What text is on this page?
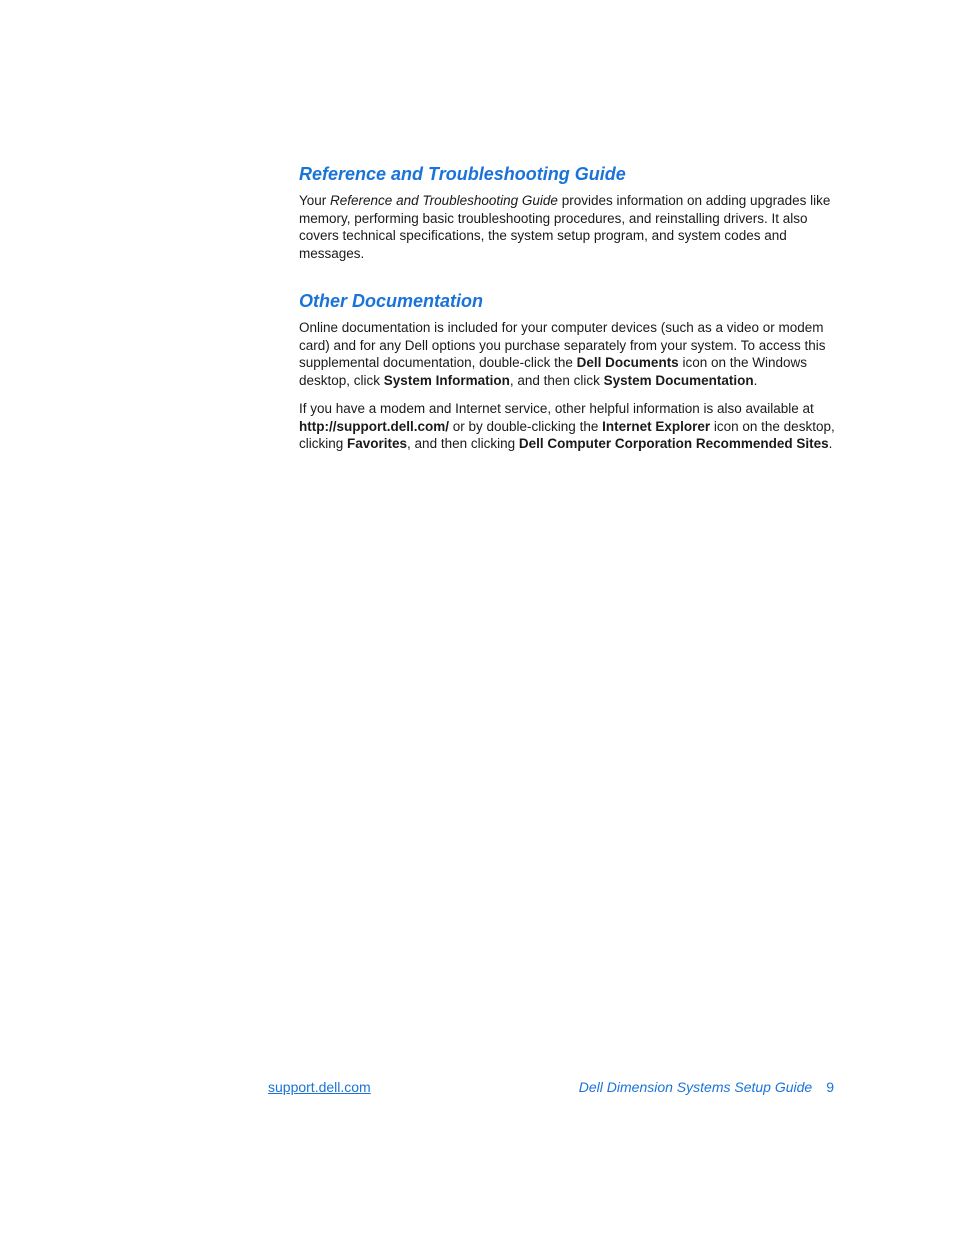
Reference and Troubleshooting Guide

Your Reference and Troubleshooting Guide provides information on adding upgrades like memory, performing basic troubleshooting procedures, and reinstalling drivers. It also covers technical specifications, the system setup program, and system codes and messages.

Other Documentation

Online documentation is included for your computer devices (such as a video or modem card) and for any Dell options you purchase separately from your system. To access this supplemental documentation, double-click the Dell Documents icon on the Windows desktop, click System Information, and then click System Documentation.

If you have a modem and Internet service, other helpful information is also available at http://support.dell.com/ or by double-clicking the Internet Explorer icon on the desktop, clicking Favorites, and then clicking Dell Computer Corporation Recommended Sites.

support.dell.com	Dell Dimension Systems Setup Guide 9
